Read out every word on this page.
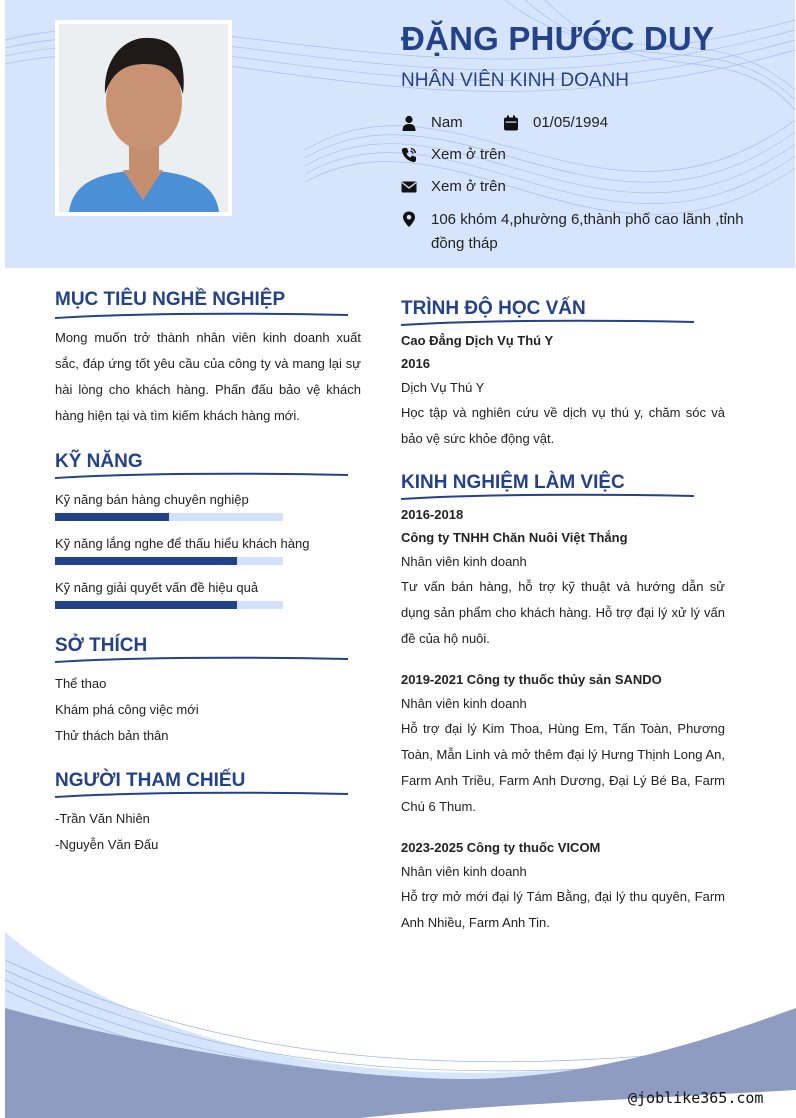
ĐẶNG PHƯỚC DUY
NHÂN VIÊN KINH DOANH
Nam	01/05/1994
Xem ở trên
Xem ở trên
106 khóm 4,phường 6,thành phố cao lãnh ,tỉnh
đồng tháp
MỤC TIÊU NGHỀ NGHIỆP
Mong muốn trở thành nhân viên kinh doanh xuất sắc, đáp ứng tốt yêu cầu của công ty và mang lại sự hài lòng cho khách hàng. Phấn đấu bảo vệ khách hàng hiện tại và tìm kiếm khách hàng mới.
KỸ NĂNG
Kỹ năng bán hàng chuyên nghiệp
Kỹ năng lắng nghe để thấu hiểu khách hàng
Kỹ năng giải quyết vấn đề hiệu quả
SỞ THÍCH
Thể thao
Khám phá công việc mới
Thử thách bản thân
NGƯỜI THAM CHIẾU
-Trần Văn Nhiên
-Nguyễn Văn Đấu
TRÌNH ĐỘ HỌC VẤN
Cao Đẳng Dịch Vụ Thú Y
2016
Dịch Vụ Thú Y
Học tập và nghiên cứu về dịch vụ thú y, chăm sóc và bảo vệ sức khỏe động vật.
KINH NGHIỆM LÀM VIỆC
2016-2018
Công ty TNHH Chăn Nuôi Việt Thắng
Nhân viên kinh doanh
Tư vấn bán hàng, hỗ trợ kỹ thuật và hướng dẫn sử dụng sản phẩm cho khách hàng. Hỗ trợ đại lý xử lý vấn đề của hộ nuôi.
2019-2021 Công ty thuốc thủy sản SANDO
Nhân viên kinh doanh
Hỗ trợ đại lý Kim Thoa, Hùng Em, Tấn Toàn, Phương Toàn, Mẫn Linh và mở thêm đại lý Hưng Thịnh Long An, Farm Anh Triều, Farm Anh Dương, Đại Lý Bé Ba, Farm Chú 6 Thum.
2023-2025 Công ty thuốc VICOM
Nhân viên kinh doanh
Hỗ trợ mở mới đại lý Tám Bằng, đại lý thu quyên, Farm Anh Nhiều, Farm Anh Tin.
@joblike365.com
